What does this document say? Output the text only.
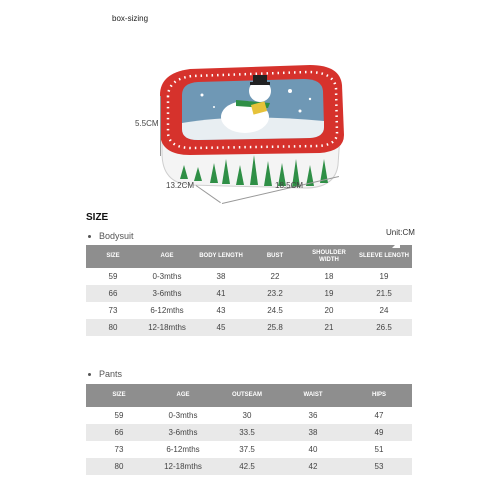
box-sizing
5.5CM
13.2CM	18.5CM
SIZE
Unit:CM
Bodysuit
SIZE	AGE	BODY LENGTH	BUST	SHOULDER WIDTH	SLEEVE LENGTH
59	0-3mths	38	22	18	19
66	3-6mths	41	23.2	19	21.5
73	6-12mths	43	24.5	20	24
80	12-18mths	45	25.8	21	26.5
Pants
SIZE	AGE	OUTSEAM	WAIST	HIPS
59	0-3mths	30	36	47
66	3-6mths	33.5	38	49
73	6-12mths	37.5	40	51
80	12-18mths	42.5	42	53
